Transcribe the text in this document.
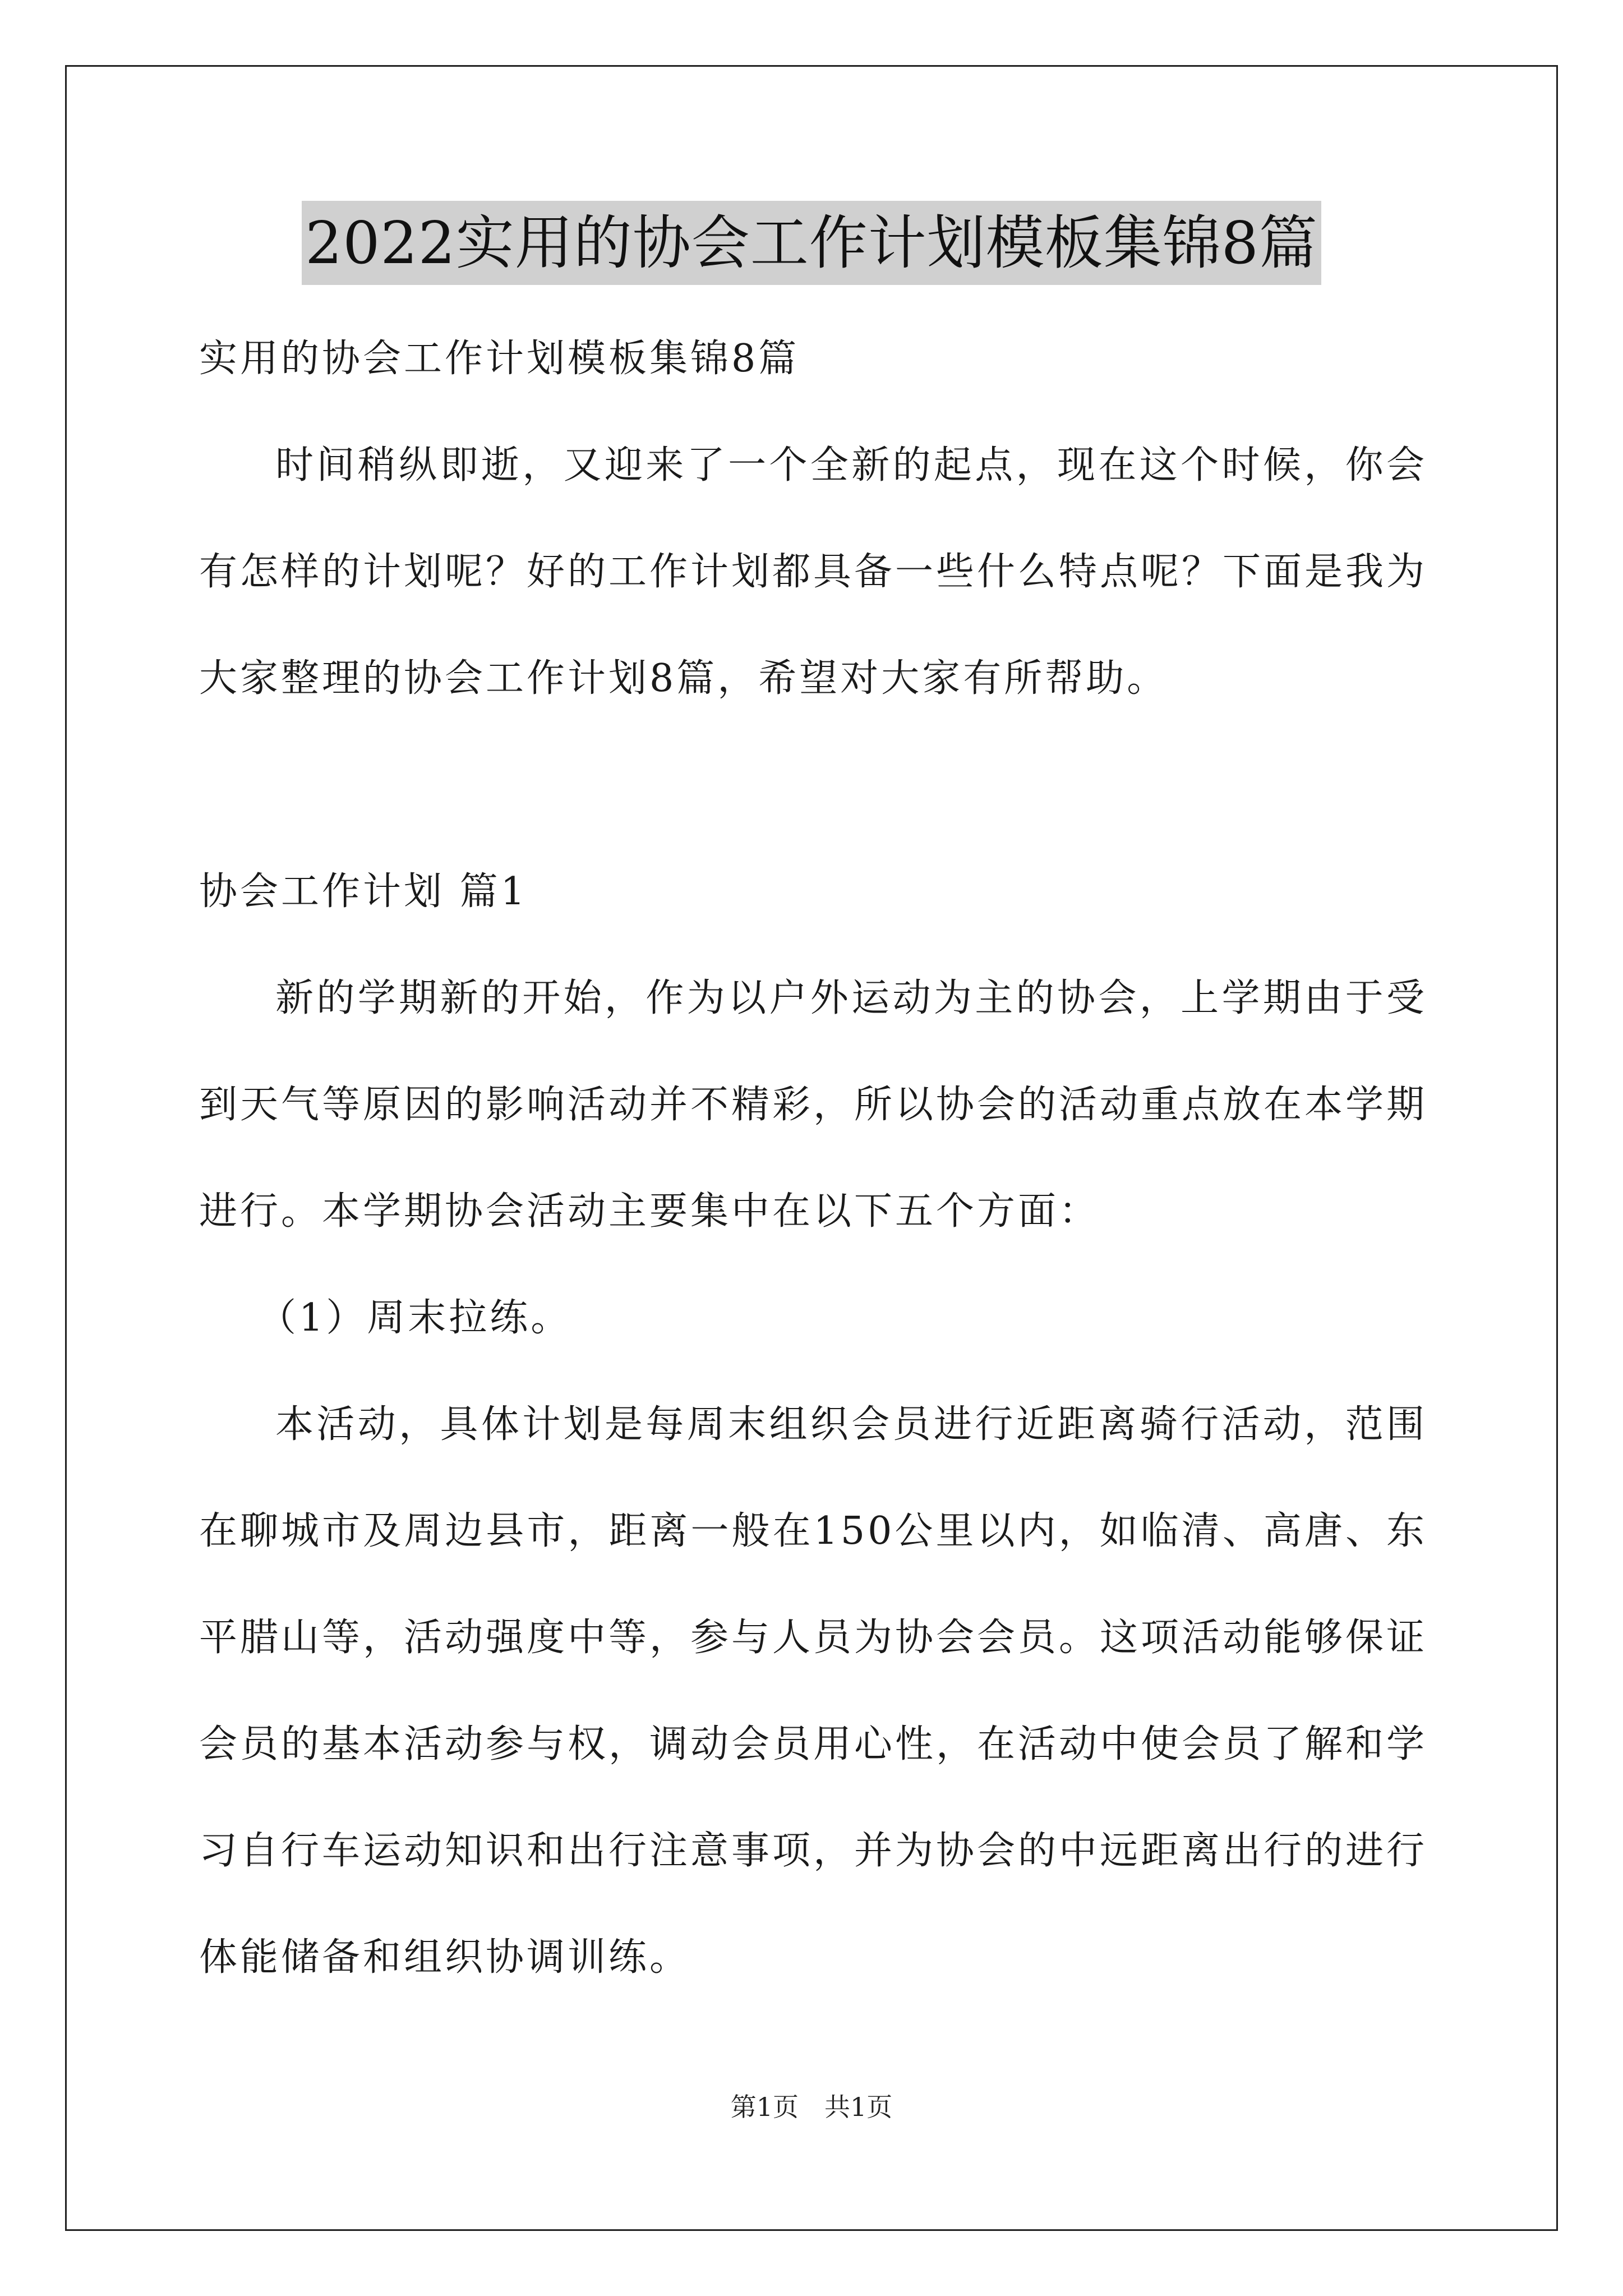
2022实用的协会工作计划模板集锦8篇
实用的协会工作计划模板集锦8篇

时间稍纵即逝，又迎来了一个全新的起点，现在这个时候，你会有怎样的计划呢？好的工作计划都具备一些什么特点呢？下面是我为大家整理的协会工作计划8篇，希望对大家有所帮助。

协会工作计划 篇1

新的学期新的开始，作为以户外运动为主的协会，上学期由于受到天气等原因的影响活动并不精彩，所以协会的活动重点放在本学期进行。本学期协会活动主要集中在以下五个方面：

（1）周末拉练。

本活动，具体计划是每周末组织会员进行近距离骑行活动，范围在聊城市及周边县市，距离一般在150公里以内，如临清、高唐、东平腊山等，活动强度中等，参与人员为协会会员。这项活动能够保证会员的基本活动参与权，调动会员用心性，在活动中使会员了解和学习自行车运动知识和出行注意事项，并为协会的中远距离出行的进行体能储备和组织协调训练。

第1页　共1页
